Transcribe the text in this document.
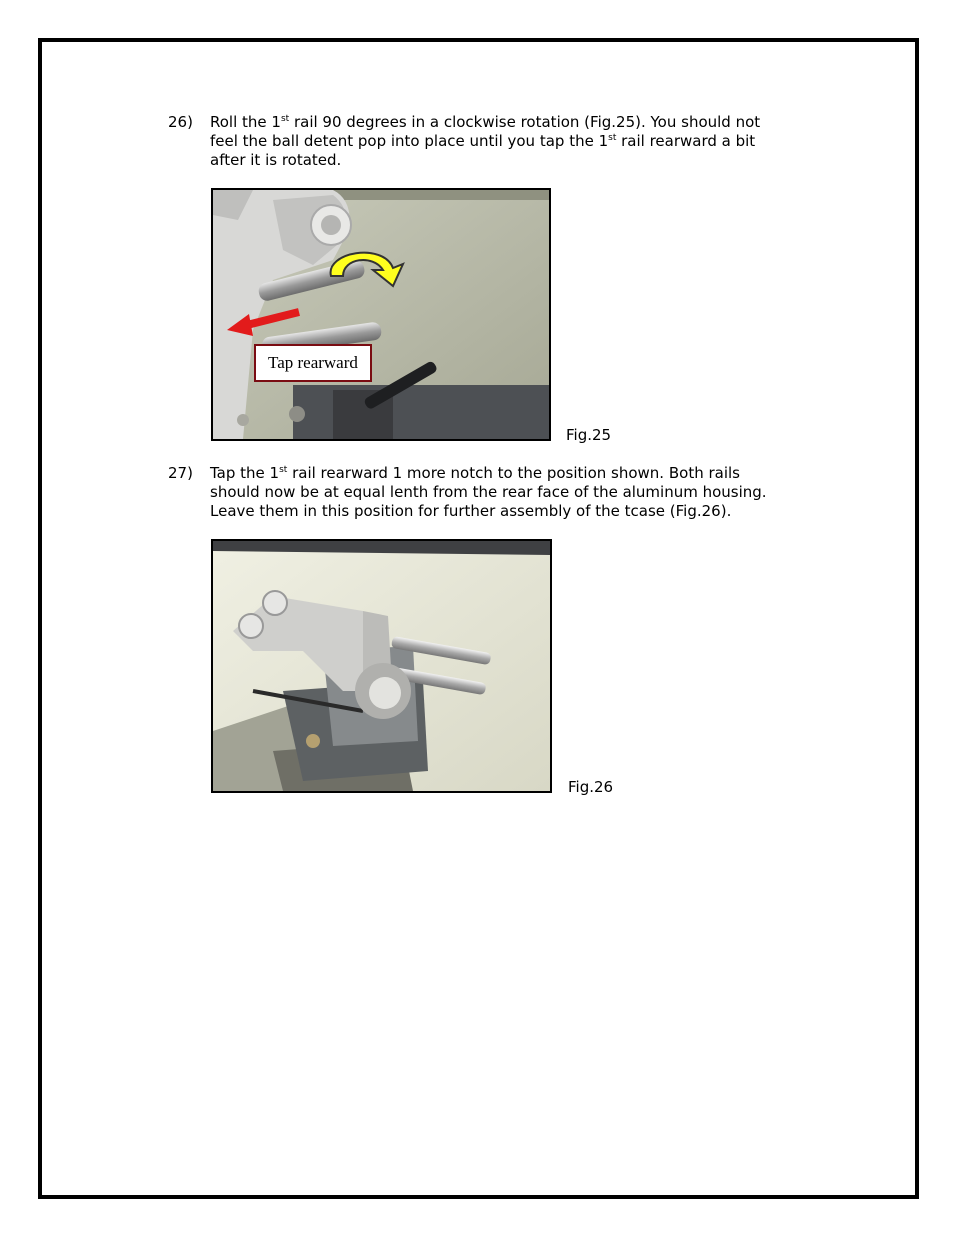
26) Roll the 1st rail 90 degrees in a clockwise rotation (Fig.25). You should not
feel the ball detent pop into place until you tap the 1st rail rearward a bit
after it is rotated.
Tap rearward
Fig.25
27) Tap the 1st rail rearward 1 more notch to the position shown. Both rails
should now be at equal lenth from the rear face of the aluminum housing.
Leave them in this position for further assembly of the tcase (Fig.26).
Fig.26
